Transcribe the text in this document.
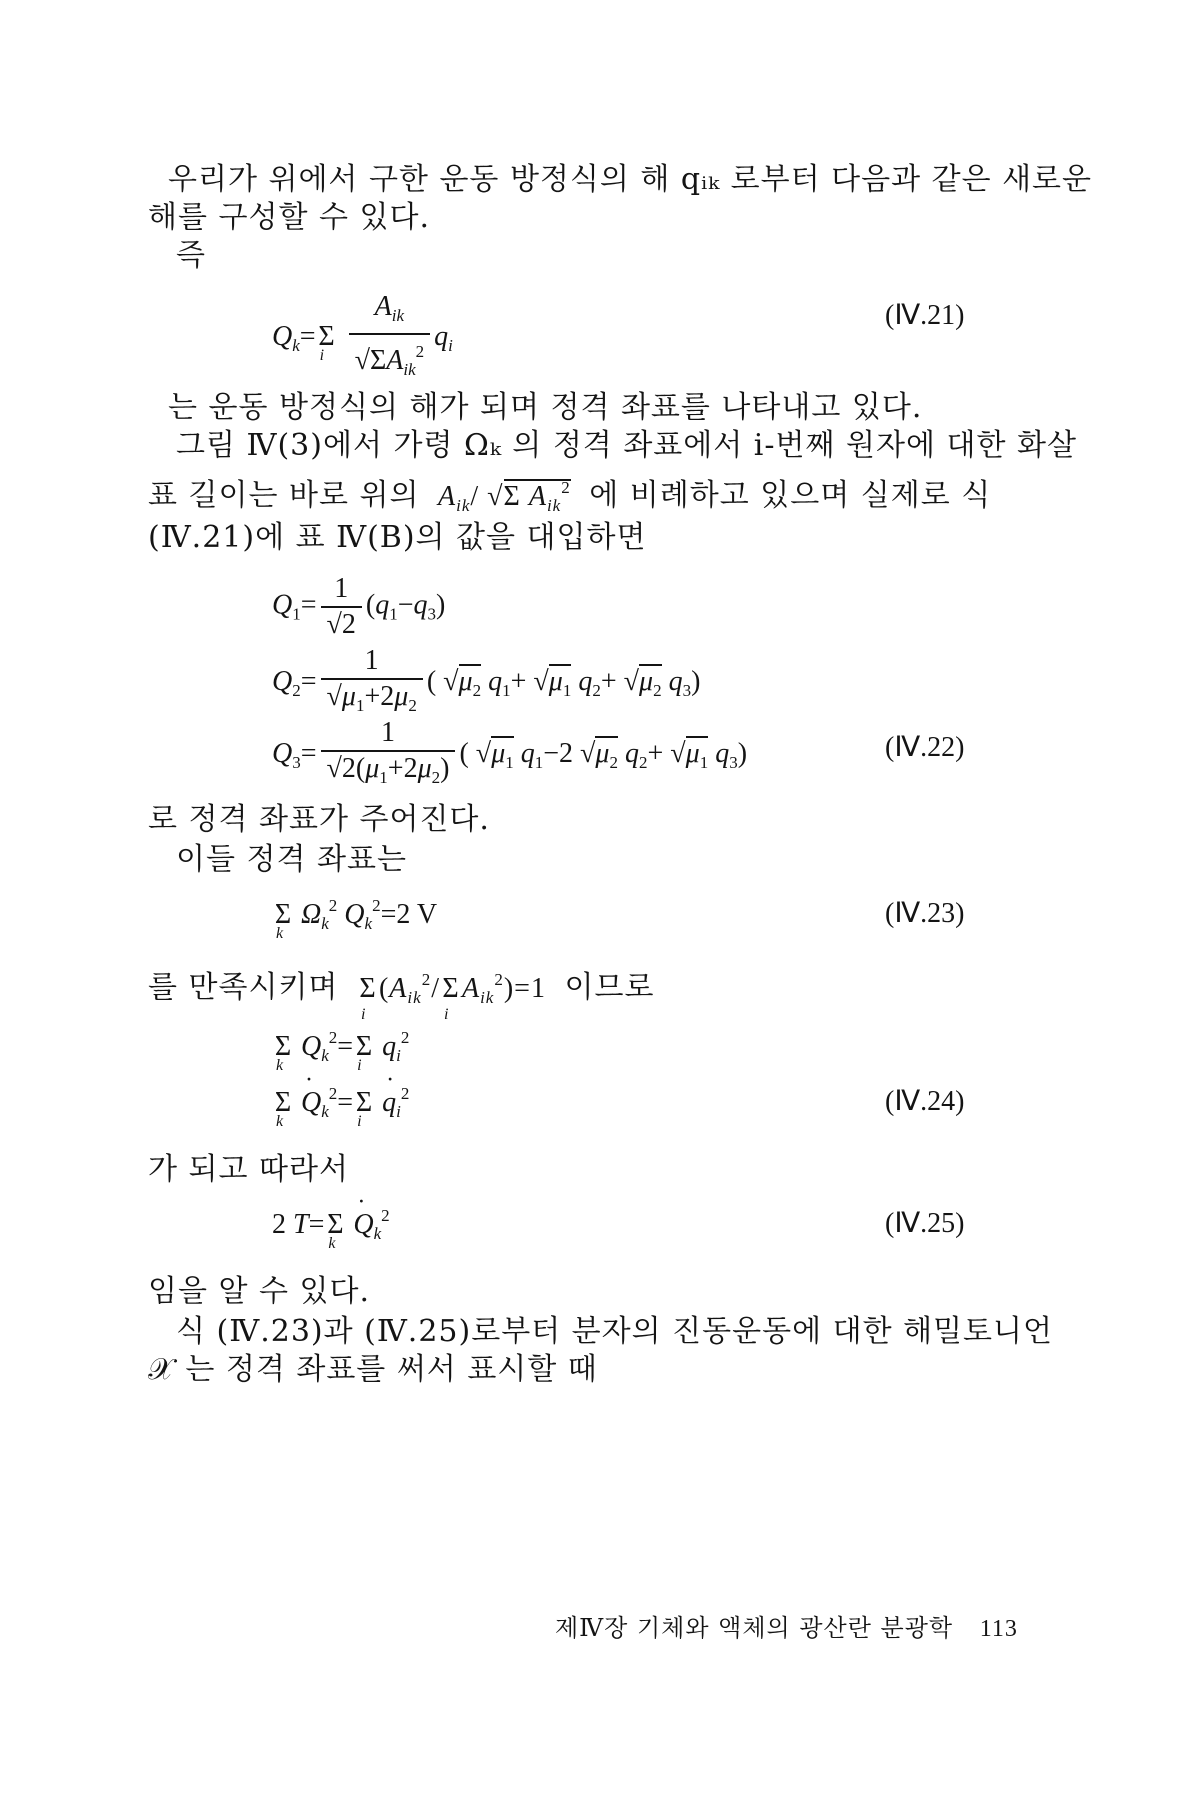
우리가 위에서 구한 운동 방정식의 해 qᵢₖ 로부터 다음과 같은 새로운
해를 구성할 수 있다.
즉
$Q_k= \Sigma$
i
$\frac{A_{ik}}{√\Sigma A_{ik}^2} q_i$
(Ⅳ.21)
는 운동 방정식의 해가 되며 정격 좌표를 나타내고 있다.
그림 Ⅳ(3)에서 가령 Ωₖ 의 정격 좌표에서 i-번째 원자에 대한 화살
표 길이는 바로 위의 $A_{ik}/$ √Σ $A_{ik}^2$ 에 비례하고 있으며 실제로 식
(Ⅳ.21)에 표 Ⅳ(B)의 값을 대입하면
$Q_1= \frac{1}{√2} (q_1-q_3)$
$Q_2= \frac{1}{√\mu_1+2\mu_2}$ ( $√\mu_2$ $q_1+ √\mu_1$ $q_2+ √\mu_2$ $q_3$)
$Q_3= \frac{1}{√2(\mu_1+2\mu_2)}$ ( $√\mu_1$ $q_1-2$ $√\mu_2$ $q_2+ √\mu_1$ $q_3$)	(Ⅳ.22)
로 정격 좌표가 주어진다.
이들 정격 좌표는
Σ
k
$\Omega_k^2$ $Q_k^2=2$ V	(Ⅳ.23)
를 만족시키며 Σ
i
($A_{ik}^2/\Sigma$
i
$A_{ik}^2)=1$  이므로
Σ
k
$Q_k^2= \Sigma$
i
$q_i^2$
Σ
k
· $Q_k^2= \Sigma$
i
· $q_i^2$	(Ⅳ.24)
가 되고 따라서
2 T= Σ
k
· $Q_k^2$	(Ⅳ.25)
임을 알 수 있다.
식 (Ⅳ.23)과 (Ⅳ.25)로부터 분자의 진동운동에 대한 해밀토니언
𝒳 는 정격 좌표를 써서 표시할 때
제Ⅳ장 기체와 액체의 광산란 분광학 113
